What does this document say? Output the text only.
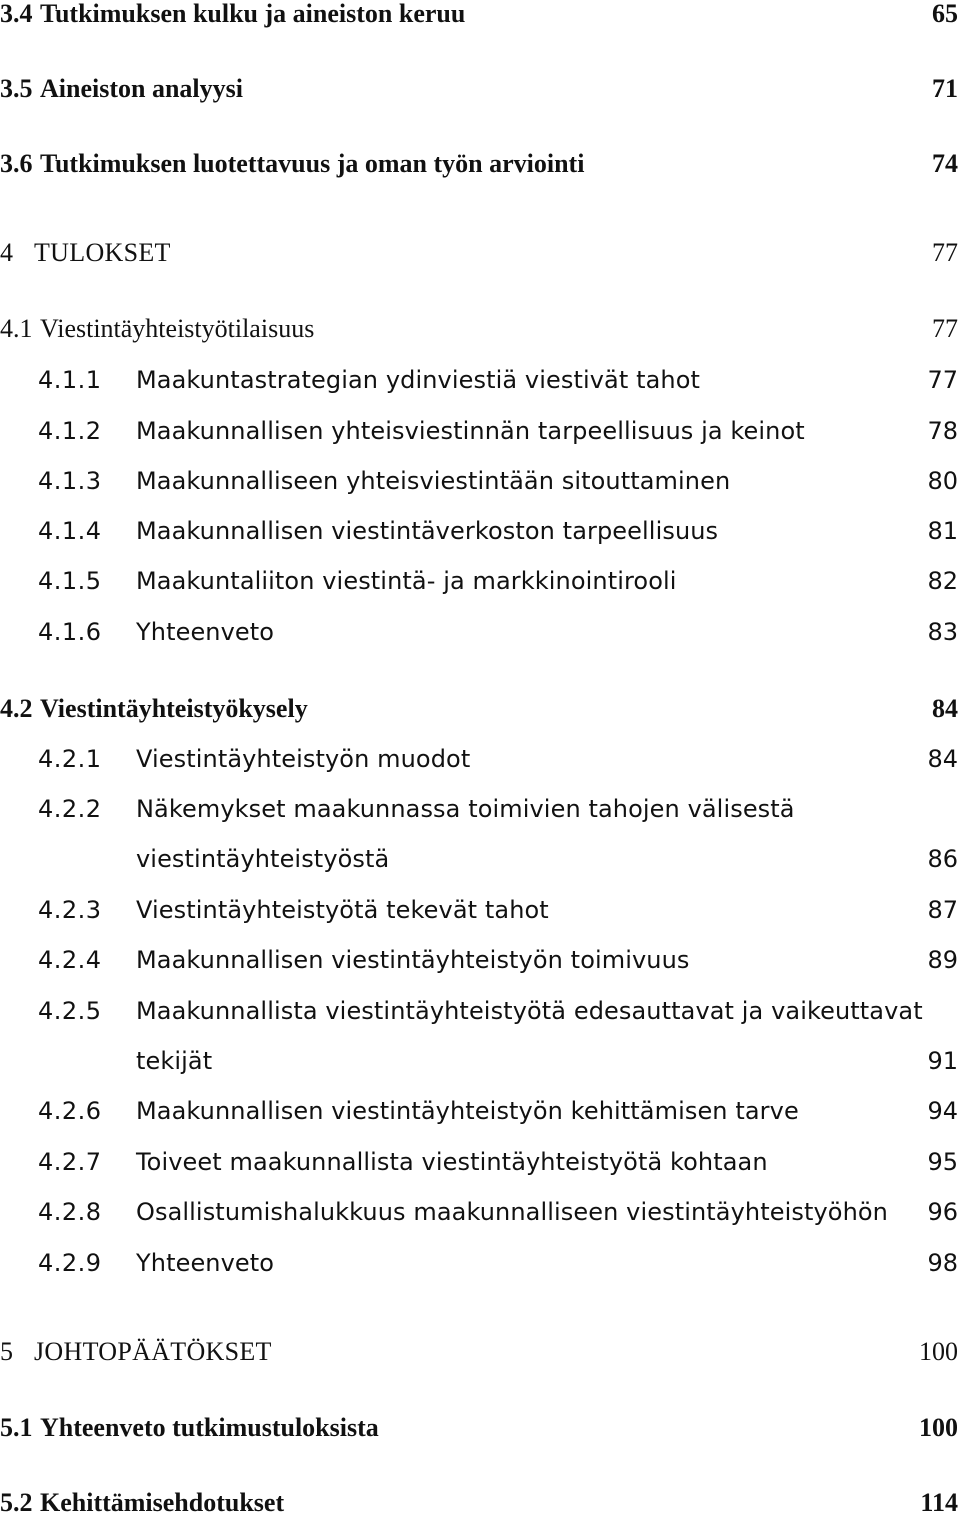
3.4 Tutkimuksen kulku ja aineiston keruu	65
3.5 Aineiston analyysi	71
3.6 Tutkimuksen luotettavuus ja oman työn arviointi	74
4 TULOKSET	77
4.1 Viestintäyhteistyötilaisuus	77
4.1.1 Maakuntastrategian ydinviestiä viestivät tahot	77
4.1.2 Maakunnallisen yhteisviestinnän tarpeellisuus ja keinot	78
4.1.3 Maakunnalliseen yhteisviestintään sitouttaminen	80
4.1.4 Maakunnallisen viestintäverkoston tarpeellisuus	81
4.1.5 Maakuntaliiton viestintä- ja markkinointirooli	82
4.1.6 Yhteenveto	83
4.2 Viestintäyhteistyökysely	84
4.2.1 Viestintäyhteistyön muodot	84
4.2.2 Näkemykset maakunnassa toimivien tahojen välisestä
viestintäyhteistyöstä	86
4.2.3 Viestintäyhteistyötä tekevät tahot	87
4.2.4 Maakunnallisen viestintäyhteistyön toimivuus	89
4.2.5 Maakunnallista viestintäyhteistyötä edesauttavat ja vaikeuttavat
tekijät	91
4.2.6 Maakunnallisen viestintäyhteistyön kehittämisen tarve	94
4.2.7 Toiveet maakunnallista viestintäyhteistyötä kohtaan	95
4.2.8 Osallistumishalukkuus maakunnalliseen viestintäyhteistyöhön 96
4.2.9 Yhteenveto	98
5 JOHTOPÄÄTÖKSET	100
5.1 Yhteenveto tutkimustuloksista	100
5.2 Kehittämisehdotukset	114
